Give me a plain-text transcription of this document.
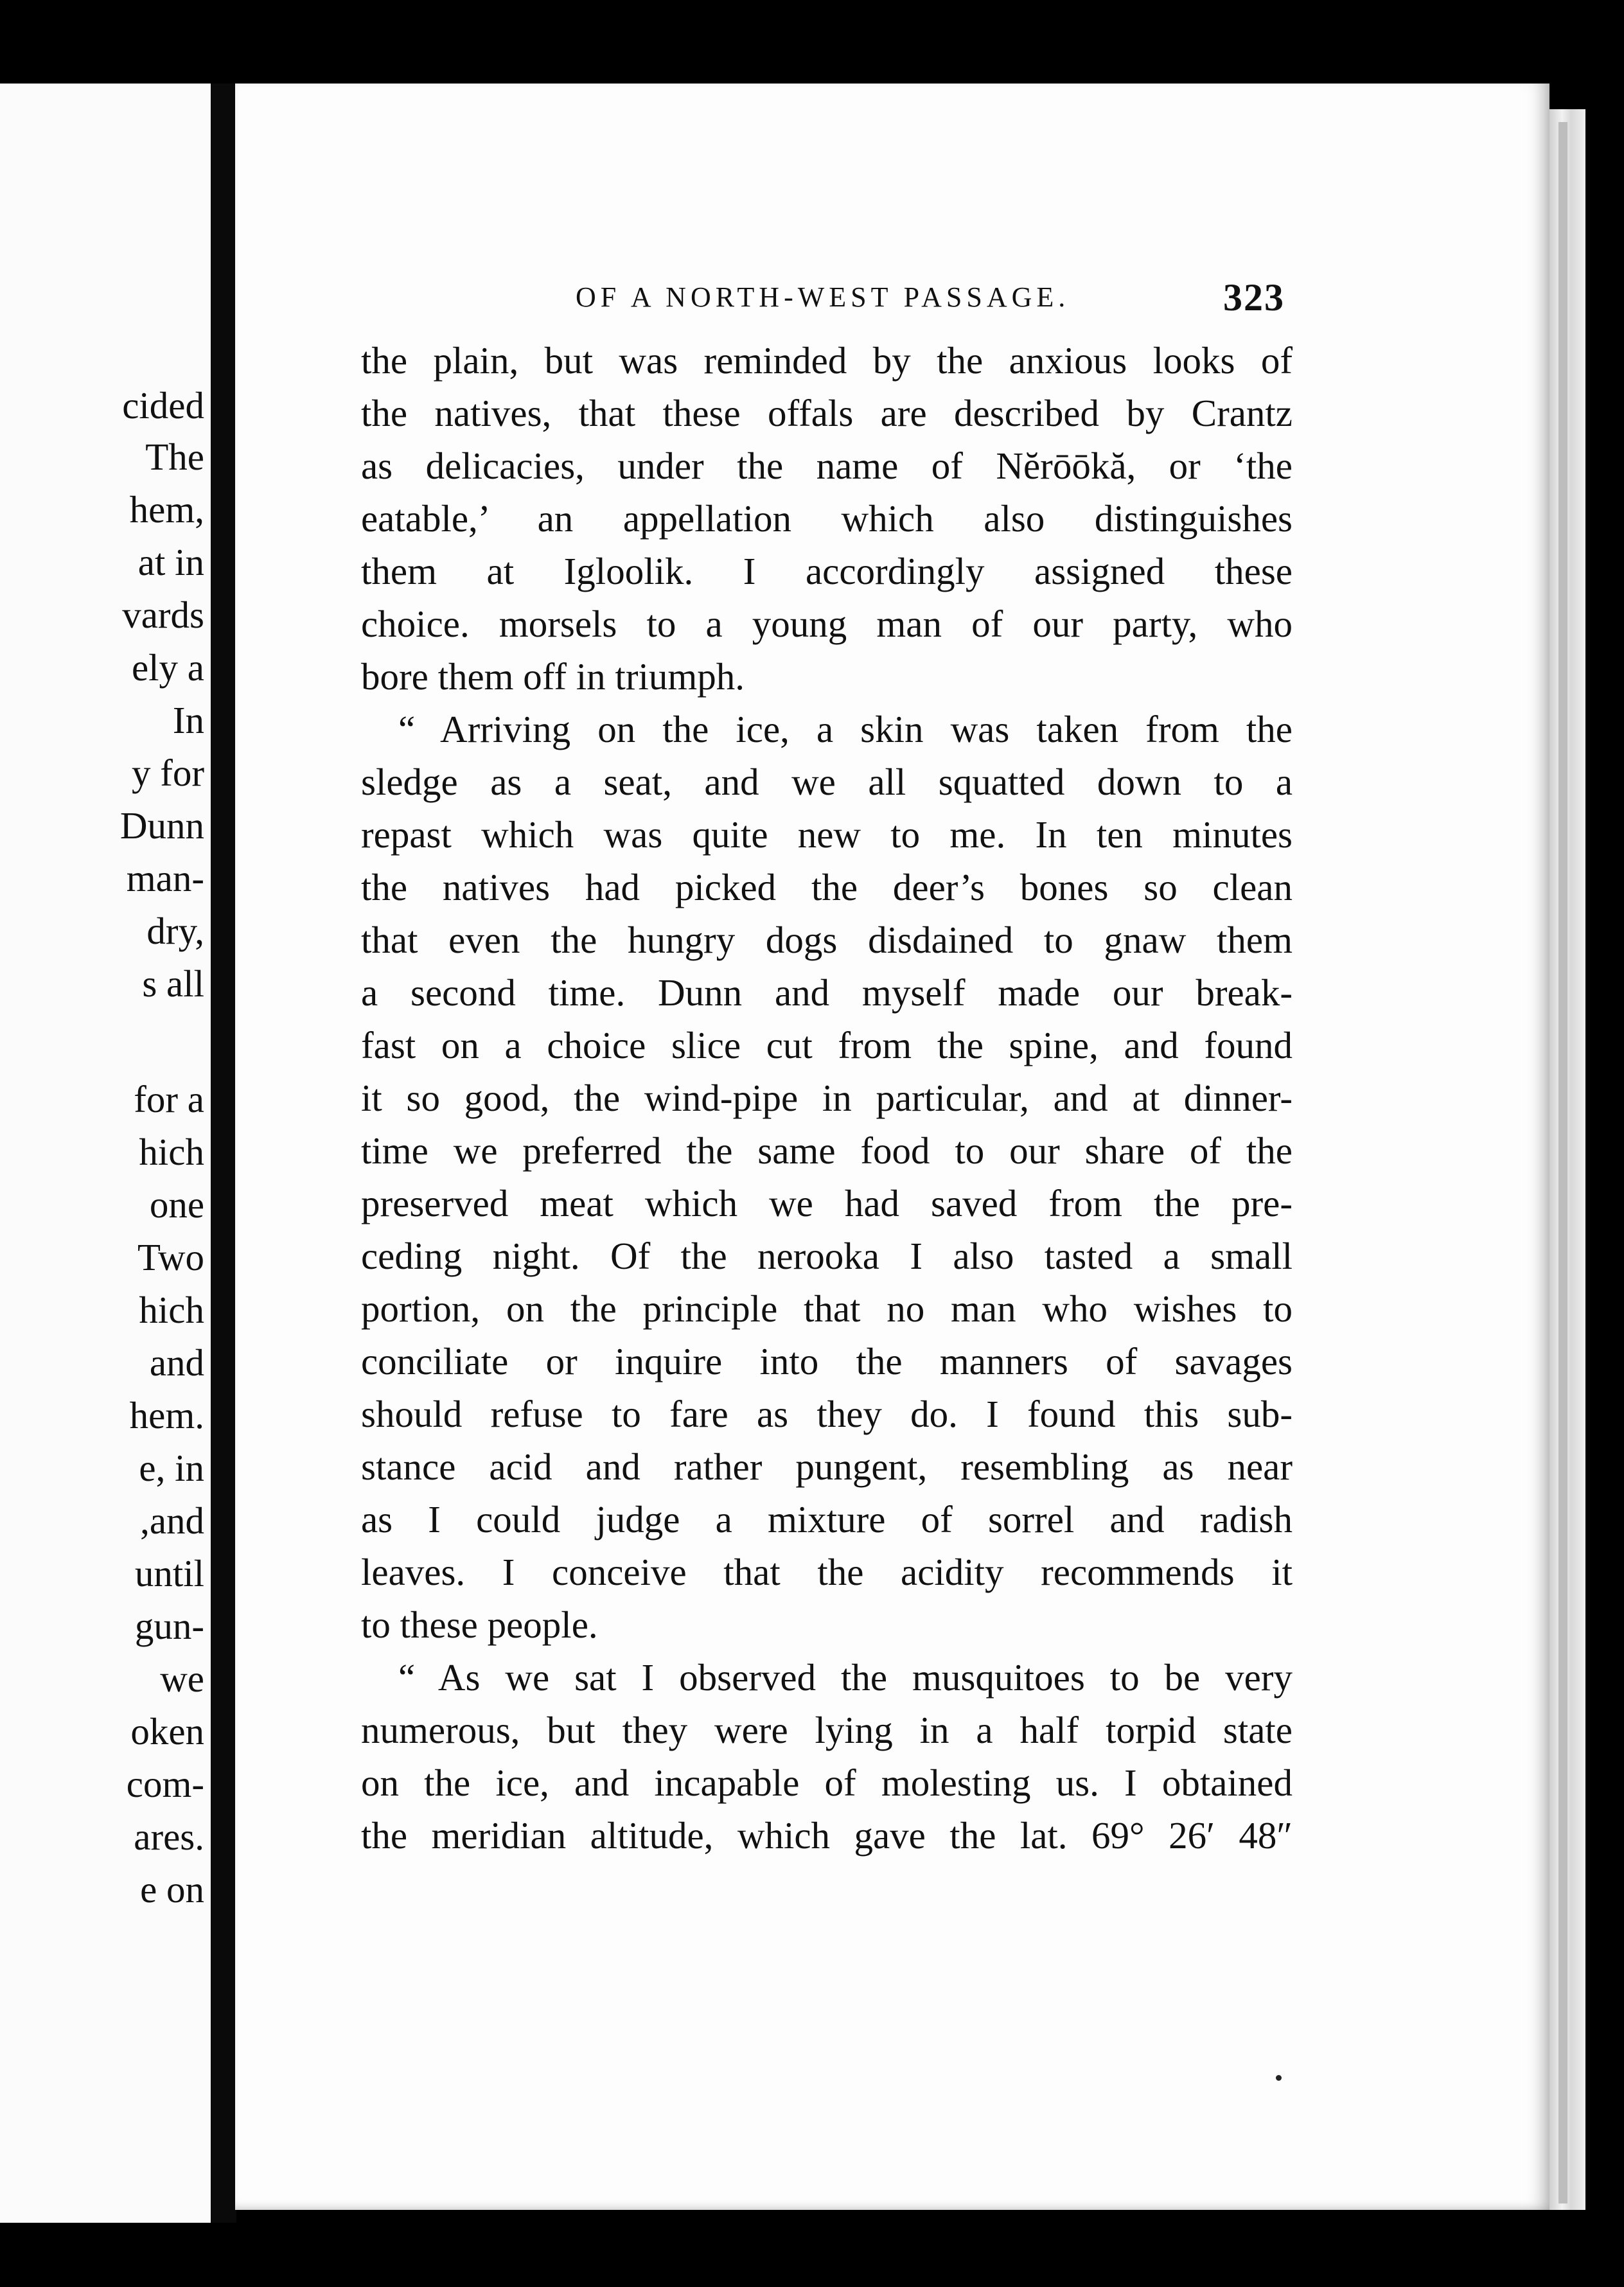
cided
The
hem,
at in
vards
ely a
In
y for
Dunn
man-
dry,
s all
for a
hich
one
Two
hich
and
hem.
e, in
,and
until
gun-
we
oken
com-
ares.
e on
OF A NORTH-WEST PASSAGE.	323
the plain, but was reminded by the anxious looks of
the natives, that these offals are described by Crantz
as delicacies, under the name of Nĕrōōkă, or ‘the
eatable,’ an appellation which also distinguishes
them at Igloolik. I accordingly assigned these
choice. morsels to a young man of our party, who
bore them off in triumph.
“ Arriving on the ice, a skin was taken from the
sledge as a seat, and we all squatted down to a
repast which was quite new to me. In ten minutes
the natives had picked the deer’s bones so clean
that even the hungry dogs disdained to gnaw them
a second time. Dunn and myself made our break-
fast on a choice slice cut from the spine, and found
it so good, the wind-pipe in particular, and at dinner-
time we preferred the same food to our share of the
preserved meat which we had saved from the pre-
ceding night. Of the nerooka I also tasted a small
portion, on the principle that no man who wishes to
conciliate or inquire into the manners of savages
should refuse to fare as they do. I found this sub-
stance acid and rather pungent, resembling as near
as I could judge a mixture of sorrel and radish
leaves. I conceive that the acidity recommends it
to these people.
“ As we sat I observed the musquitoes to be very
numerous, but they were lying in a half torpid state
on the ice, and incapable of molesting us. I obtained
the meridian altitude, which gave the lat. 69° 26′ 48″
